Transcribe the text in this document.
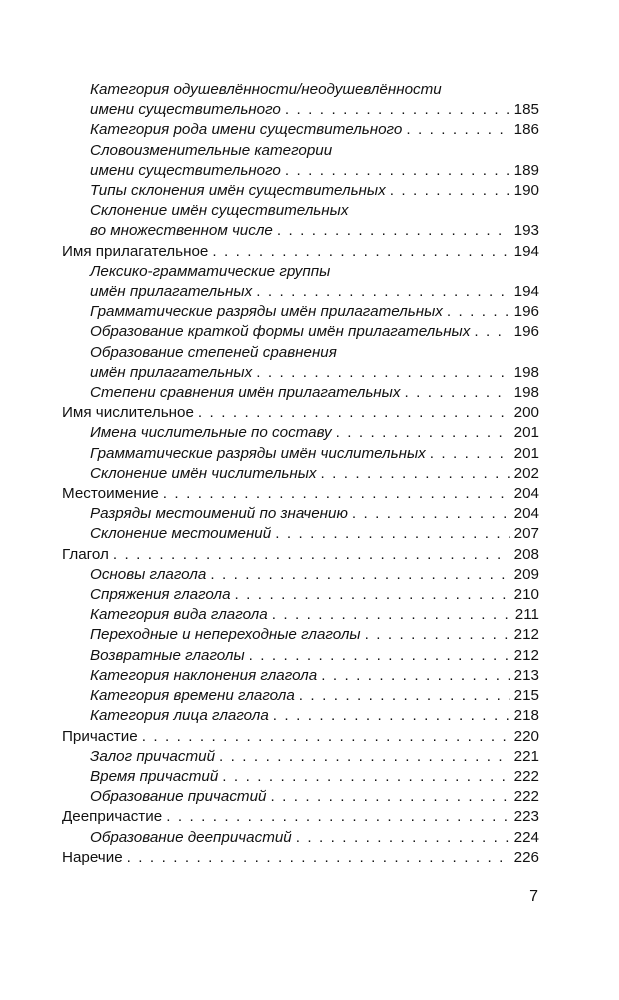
Категория одушевлённости/неодушевлённости
имени существительного . . .	185
Категория рода имени существительного . . .	186
Словоизменительные категории
имени существительного . . .	189
Типы склонения имён существительных . . .	190
Склонение имён существительных
во множественном числе . . .	193
Имя прилагательное . . .	194
Лексико-грамматические группы
имён прилагательных . . .	194
Грамматические разряды имён прилагательных . . .	196
Образование краткой формы имён прилагательных . . .	196
Образование степеней сравнения
имён прилагательных . . .	198
Степени сравнения имён прилагательных . . .	198
Имя числительное . . .	200
Имена числительные по составу . . .	201
Грамматические разряды имён числительных . . .	201
Склонение имён числительных . . .	202
Местоимение . . .	204
Разряды местоимений по значению . . .	204
Склонение местоимений . . .	207
Глагол . . .	208
Основы глагола . . .	209
Спряжения глагола . . .	210
Категория вида глагола . . .	211
Переходные и непереходные глаголы . . .	212
Возвратные глаголы . . .	212
Категория наклонения глагола . . .	213
Категория времени глагола . . .	215
Категория лица глагола . . .	218
Причастие . . .	220
Залог причастий . . .	221
Время причастий . . .	222
Образование причастий . . .	222
Деепричастие . . .	223
Образование деепричастий . . .	224
Наречие . . .	226
7
